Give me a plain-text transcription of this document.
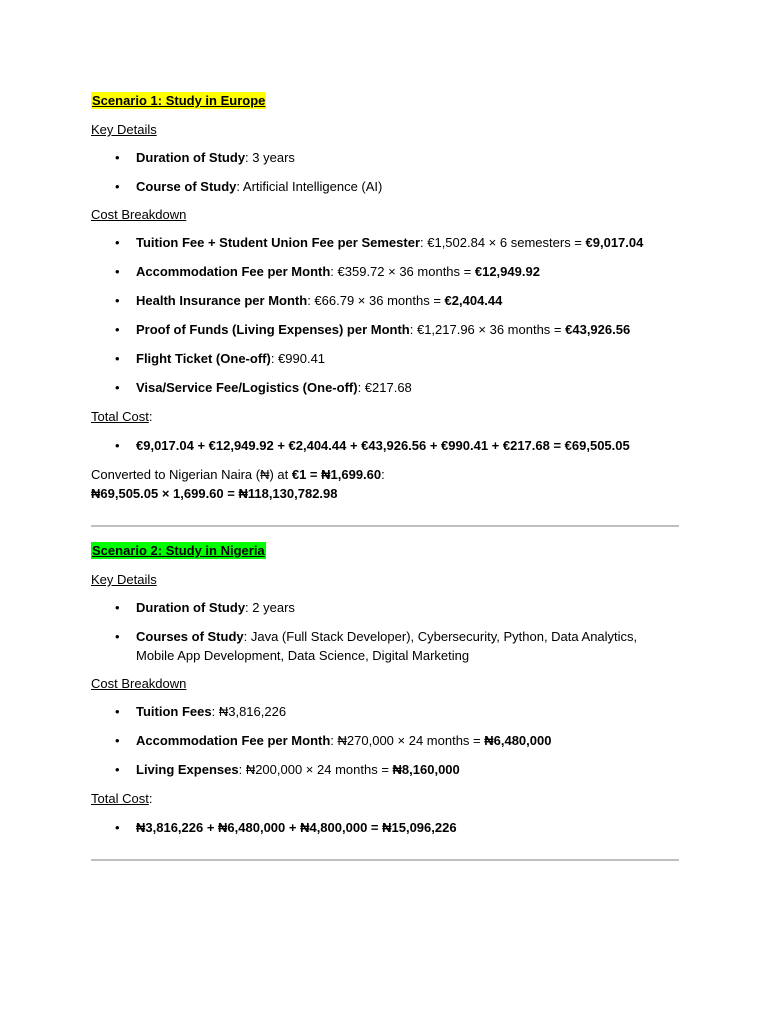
Scenario 1: Study in Europe
Key Details
• Duration of Study: 3 years
• Course of Study: Artificial Intelligence (AI)
Cost Breakdown
• Tuition Fee + Student Union Fee per Semester: €1,502.84 × 6 semesters = €9,017.04
• Accommodation Fee per Month: €359.72 × 36 months = €12,949.92
• Health Insurance per Month: €66.79 × 36 months = €2,404.44
• Proof of Funds (Living Expenses) per Month: €1,217.96 × 36 months = €43,926.56
• Flight Ticket (One-off): €990.41
• Visa/Service Fee/Logistics (One-off): €217.68
Total Cost:
• €9,017.04 + €12,949.92 + €2,404.44 + €43,926.56 + €990.41 + €217.68 = €69,505.05
Converted to Nigerian Naira (₦) at €1 = ₦1,699.60:
₦69,505.05 × 1,699.60 = ₦118,130,782.98
Scenario 2: Study in Nigeria
Key Details
• Duration of Study: 2 years
• Courses of Study: Java (Full Stack Developer), Cybersecurity, Python, Data Analytics, Mobile App Development, Data Science, Digital Marketing
Cost Breakdown
• Tuition Fees: ₦3,816,226
• Accommodation Fee per Month: ₦270,000 × 24 months = ₦6,480,000
• Living Expenses: ₦200,000 × 24 months = ₦8,160,000
Total Cost:
• ₦3,816,226 + ₦6,480,000 + ₦4,800,000 = ₦15,096,226
